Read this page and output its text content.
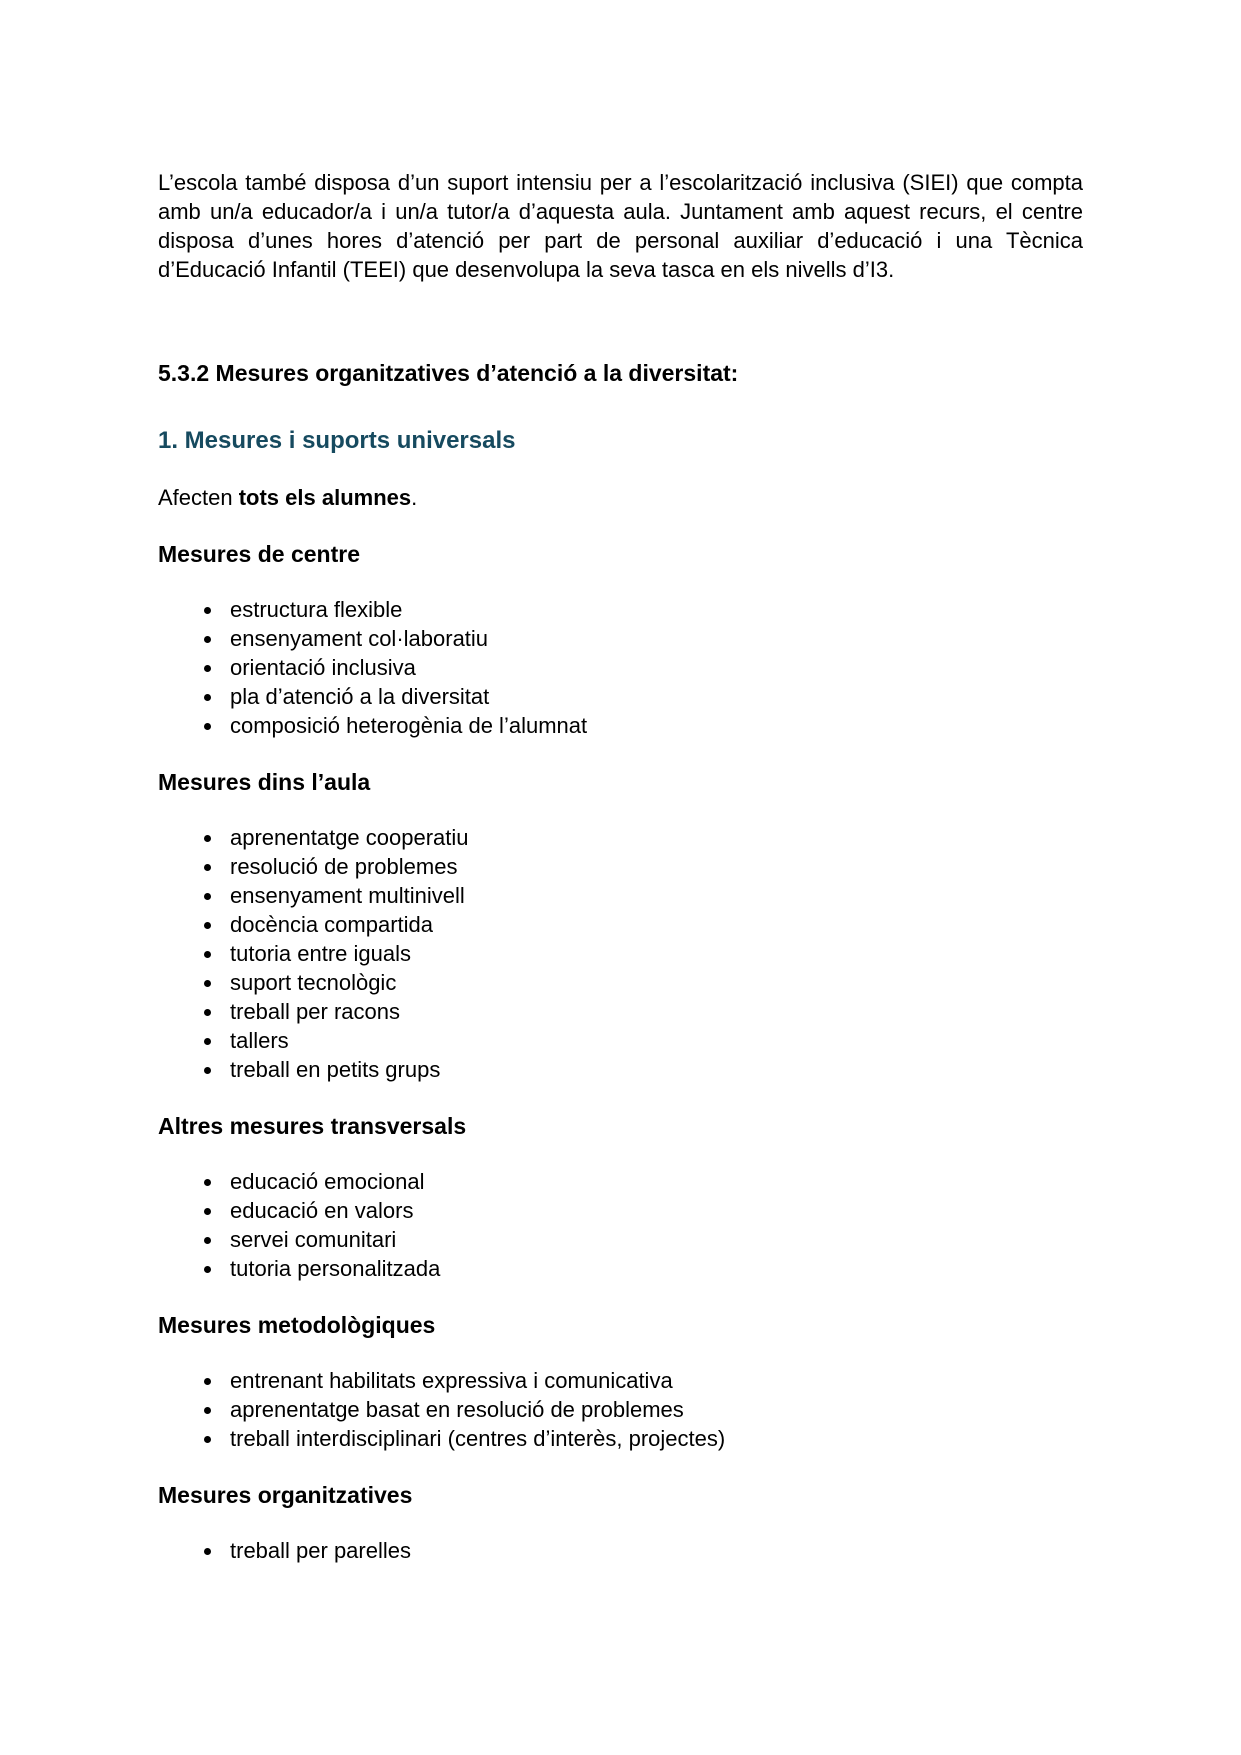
L’escola també disposa d’un suport intensiu per a l’escolarització inclusiva (SIEI) que compta amb un/a educador/a i un/a tutor/a d’aquesta aula. Juntament amb aquest recurs, el centre disposa d’unes hores d’atenció per part de personal auxiliar d’educació i una Tècnica d’Educació Infantil (TEEI) que desenvolupa la seva tasca en els nivells d’I3.

5.3.2 Mesures organitzatives d’atenció a la diversitat:
1. Mesures i suports universals

Afecten tots els alumnes.

Mesures de centre
• estructura flexible
• ensenyament col·laboratiu
• orientació inclusiva
• pla d’atenció a la diversitat
• composició heterogènia de l’alumnat
Mesures dins l’aula
• aprenentatge cooperatiu
• resolució de problemes
• ensenyament multinivell
• docència compartida
• tutoria entre iguals
• suport tecnològic
• treball per racons
• tallers
• treball en petits grups
Altres mesures transversals
• educació emocional
• educació en valors
• servei comunitari
• tutoria personalitzada
Mesures metodològiques
• entrenant habilitats expressiva i comunicativa
• aprenentatge basat en resolució de problemes
• treball interdisciplinari (centres d’interès, projectes)
Mesures organitzatives
• treball per parelles
